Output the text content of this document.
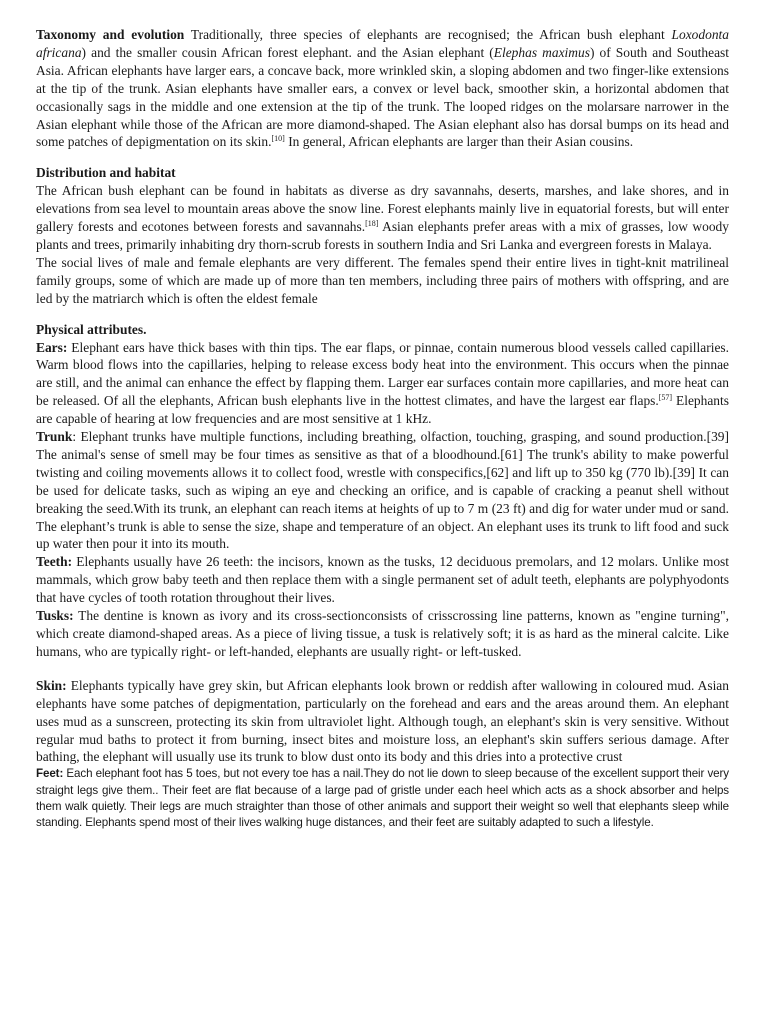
Taxonomy and evolution Traditionally, three species of elephants are recognised; the African bush elephant Loxodonta africana) and the smaller cousin African forest elephant. and the Asian elephant (Elephas maximus) of South and Southeast Asia. African elephants have larger ears, a concave back, more wrinkled skin, a sloping abdomen and two finger-like extensions at the tip of the trunk. Asian elephants have smaller ears, a convex or level back, smoother skin, a horizontal abdomen that occasionally sags in the middle and one extension at the tip of the trunk. The looped ridges on the molarsare narrower in the Asian elephant while those of the African are more diamond-shaped. The Asian elephant also has dorsal bumps on its head and some patches of depigmentation on its skin.[10] In general, African elephants are larger than their Asian cousins.

Distribution and habitat

The African bush elephant can be found in habitats as diverse as dry savannahs, deserts, marshes, and lake shores, and in elevations from sea level to mountain areas above the snow line. Forest elephants mainly live in equatorial forests, but will enter gallery forests and ecotones between forests and savannahs.[18] Asian elephants prefer areas with a mix of grasses, low woody plants and trees, primarily inhabiting dry thorn-scrub forests in southern India and Sri Lanka and evergreen forests in Malaya.

The social lives of male and female elephants are very different. The females spend their entire lives in tight-knit matrilineal family groups, some of which are made up of more than ten members, including three pairs of mothers with offspring, and are led by the matriarch which is often the eldest female

Physical attributes.

Ears: Elephant ears have thick bases with thin tips. The ear flaps, or pinnae, contain numerous blood vessels called capillaries. Warm blood flows into the capillaries, helping to release excess body heat into the environment. This occurs when the pinnae are still, and the animal can enhance the effect by flapping them. Larger ear surfaces contain more capillaries, and more heat can be released. Of all the elephants, African bush elephants live in the hottest climates, and have the largest ear flaps.[57] Elephants are capable of hearing at low frequencies and are most sensitive at 1 kHz.

Trunk: Elephant trunks have multiple functions, including breathing, olfaction, touching, grasping, and sound production.[39] The animal's sense of smell may be four times as sensitive as that of a bloodhound.[61] The trunk's ability to make powerful twisting and coiling movements allows it to collect food, wrestle with conspecifics,[62] and lift up to 350 kg (770 lb).[39] It can be used for delicate tasks, such as wiping an eye and checking an orifice, and is capable of cracking a peanut shell without breaking the seed.With its trunk, an elephant can reach items at heights of up to 7 m (23 ft) and dig for water under mud or sand. The elephant’s trunk is able to sense the size, shape and temperature of an object. An elephant uses its trunk to lift food and suck up water then pour it into its mouth.

Teeth: Elephants usually have 26 teeth: the incisors, known as the tusks, 12 deciduous premolars, and 12 molars. Unlike most mammals, which grow baby teeth and then replace them with a single permanent set of adult teeth, elephants are polyphyodonts that have cycles of tooth rotation throughout their lives.

Tusks: The dentine is known as ivory and its cross-sectionconsists of crisscrossing line patterns, known as "engine turning", which create diamond-shaped areas. As a piece of living tissue, a tusk is relatively soft; it is as hard as the mineral calcite. Like humans, who are typically right- or left-handed, elephants are usually right- or left-tusked.

Skin: Elephants typically have grey skin, but African elephants look brown or reddish after wallowing in coloured mud. Asian elephants have some patches of depigmentation, particularly on the forehead and ears and the areas around them. An elephant uses mud as a sunscreen, protecting its skin from ultraviolet light. Although tough, an elephant's skin is very sensitive. Without regular mud baths to protect it from burning, insect bites and moisture loss, an elephant's skin suffers serious damage. After bathing, the elephant will usually use its trunk to blow dust onto its body and this dries into a protective crust

Feet: Each elephant foot has 5 toes, but not every toe has a nail.They do not lie down to sleep because of the excellent support their very straight legs give them.. Their feet are flat because of a large pad of gristle under each heel which acts as a shock absorber and helps them walk quietly. Their legs are much straighter than those of other animals and support their weight so well that elephants sleep while standing. Elephants spend most of their lives walking huge distances, and their feet are suitably adapted to such a lifestyle.
